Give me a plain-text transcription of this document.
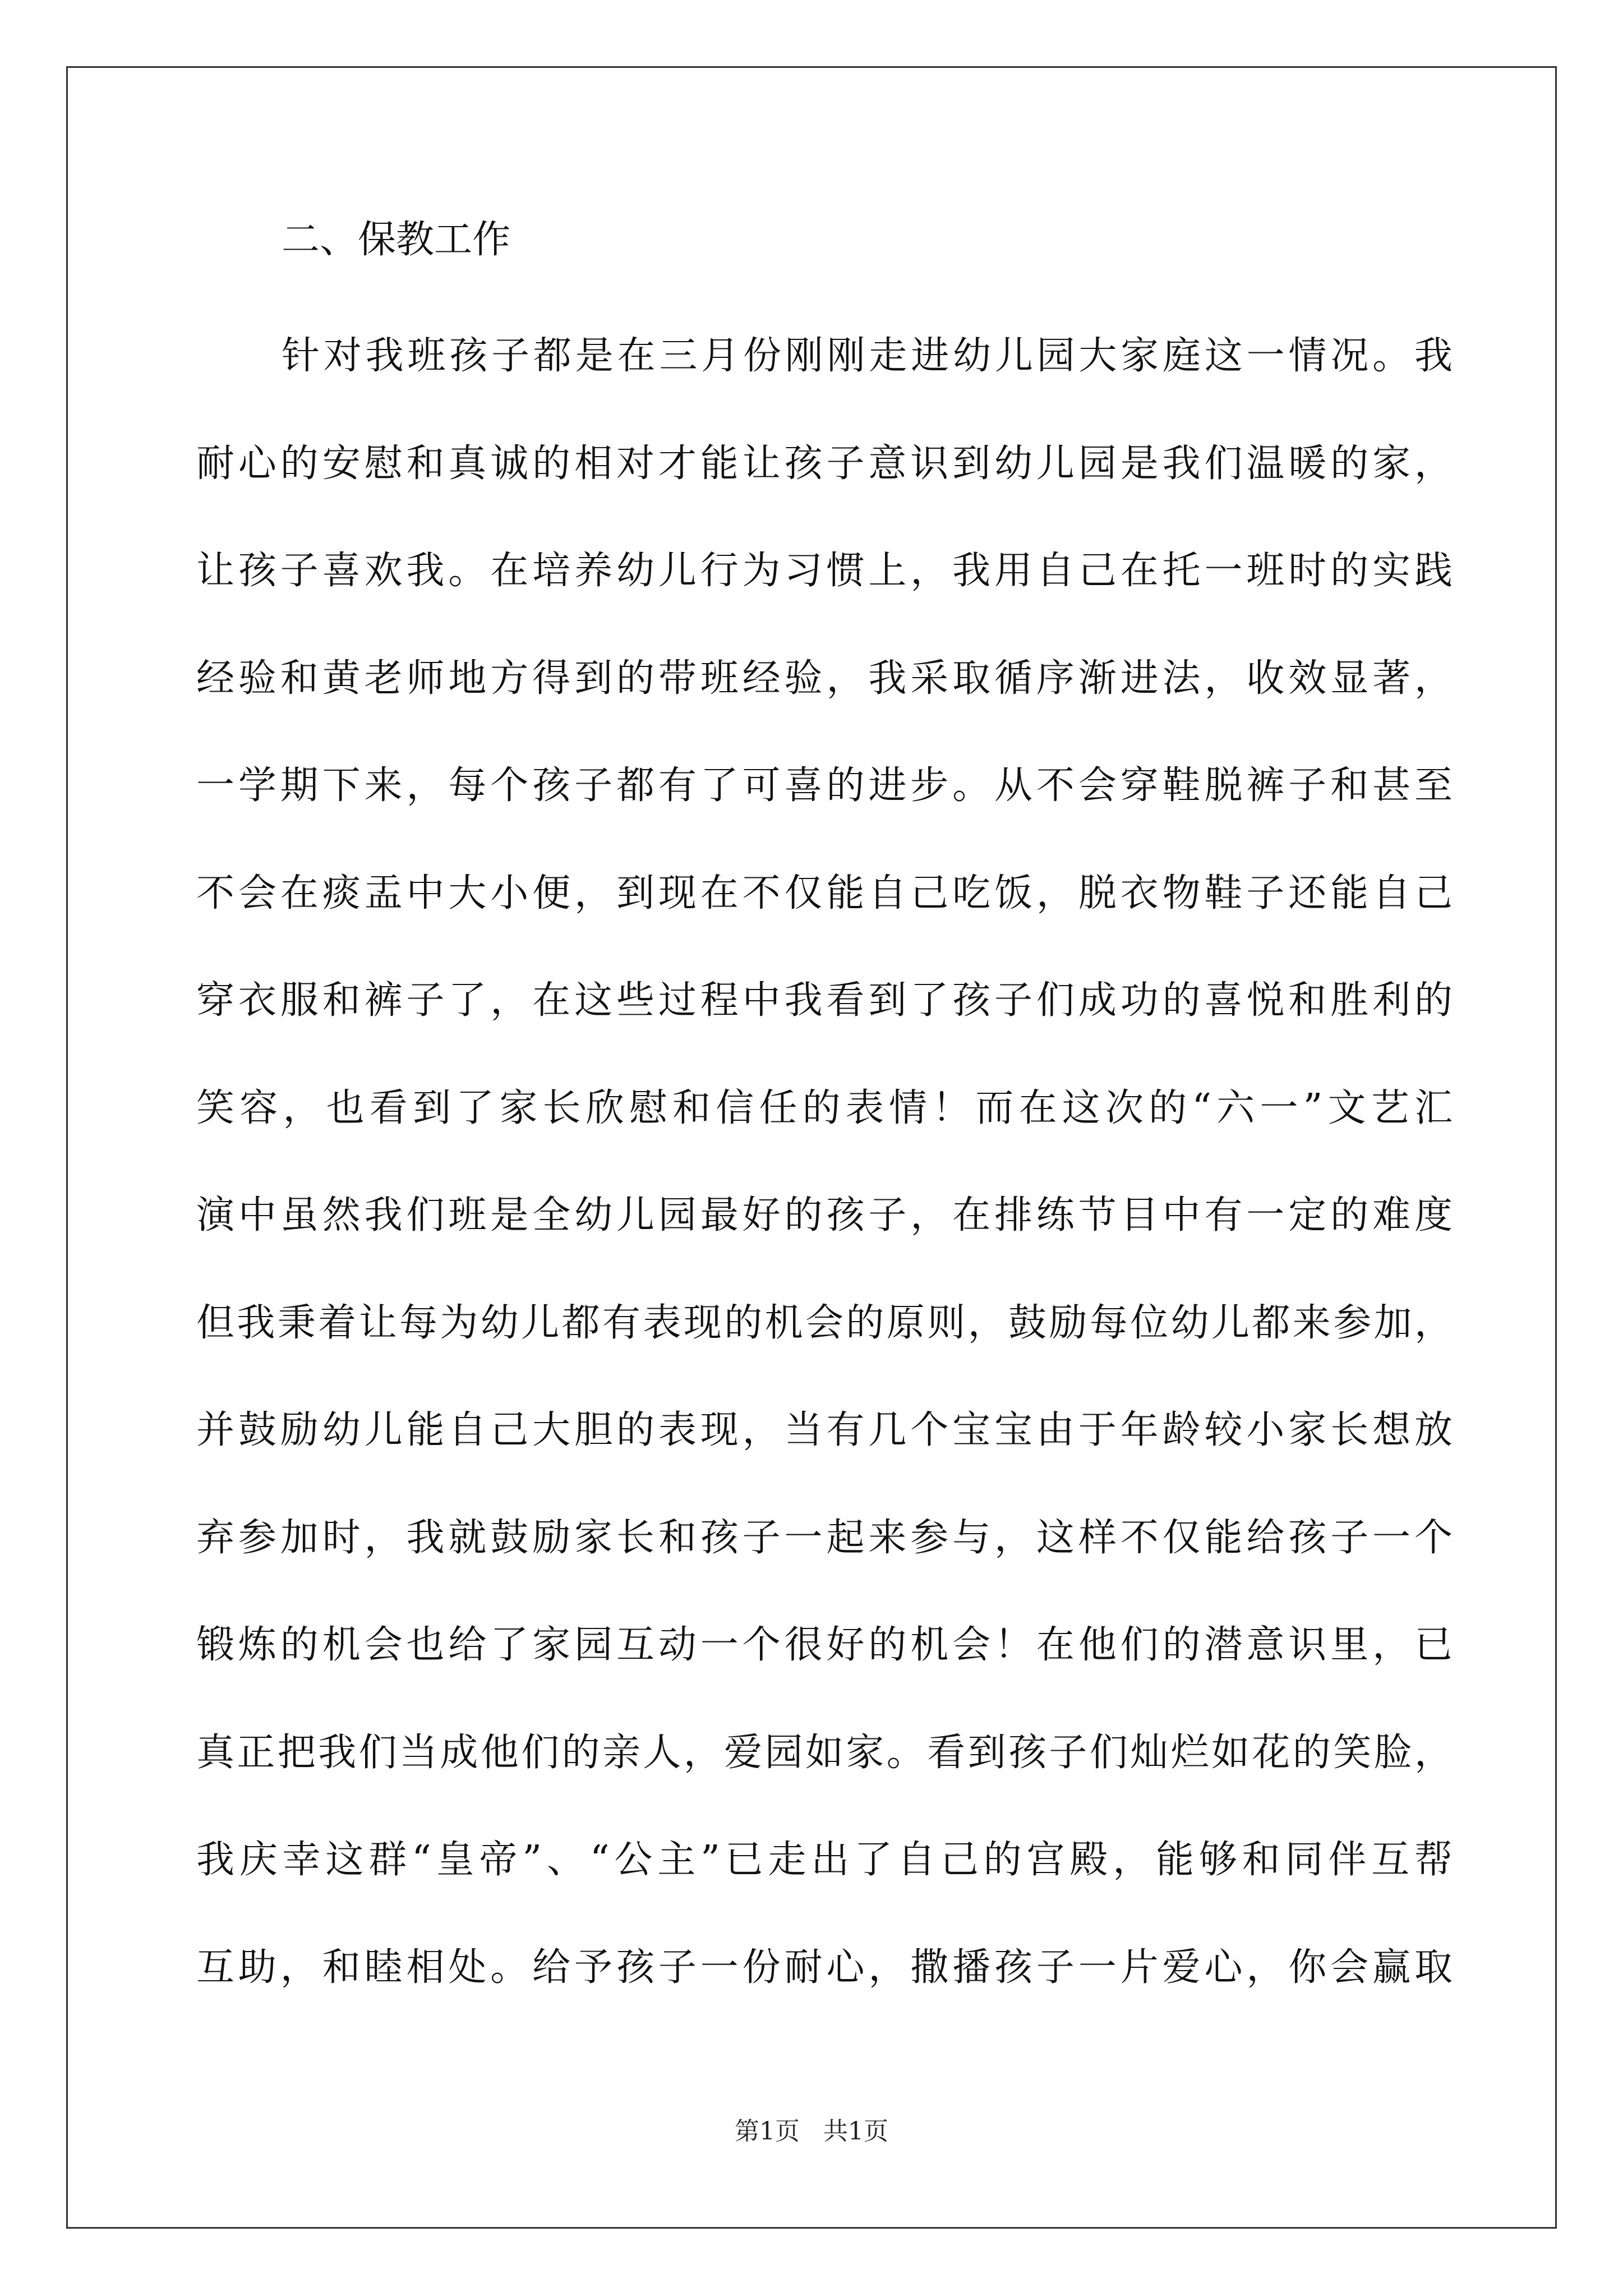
二、保教工作
针对我班孩子都是在三月份刚刚走进幼儿园大家庭这一情况。我
耐心的安慰和真诚的相对才能让孩子意识到幼儿园是我们温暖的家，
让孩子喜欢我。在培养幼儿行为习惯上，我用自己在托一班时的实践
经验和黄老师地方得到的带班经验，我采取循序渐进法，收效显著，
一学期下来，每个孩子都有了可喜的进步。从不会穿鞋脱裤子和甚至
不会在痰盂中大小便，到现在不仅能自己吃饭，脱衣物鞋子还能自己
穿衣服和裤子了，在这些过程中我看到了孩子们成功的喜悦和胜利的
笑容，也看到了家长欣慰和信任的表情！而在这次的“六一”文艺汇
演中虽然我们班是全幼儿园最好的孩子，在排练节目中有一定的难度
但我秉着让每为幼儿都有表现的机会的原则，鼓励每位幼儿都来参加，
并鼓励幼儿能自己大胆的表现，当有几个宝宝由于年龄较小家长想放
弃参加时，我就鼓励家长和孩子一起来参与，这样不仅能给孩子一个
锻炼的机会也给了家园互动一个很好的机会！在他们的潜意识里，已
真正把我们当成他们的亲人，爱园如家。看到孩子们灿烂如花的笑脸，
我庆幸这群“皇帝”、“公主”已走出了自己的宫殿，能够和同伴互帮
互助，和睦相处。给予孩子一份耐心，撒播孩子一片爱心，你会赢取
第1页   共1页
